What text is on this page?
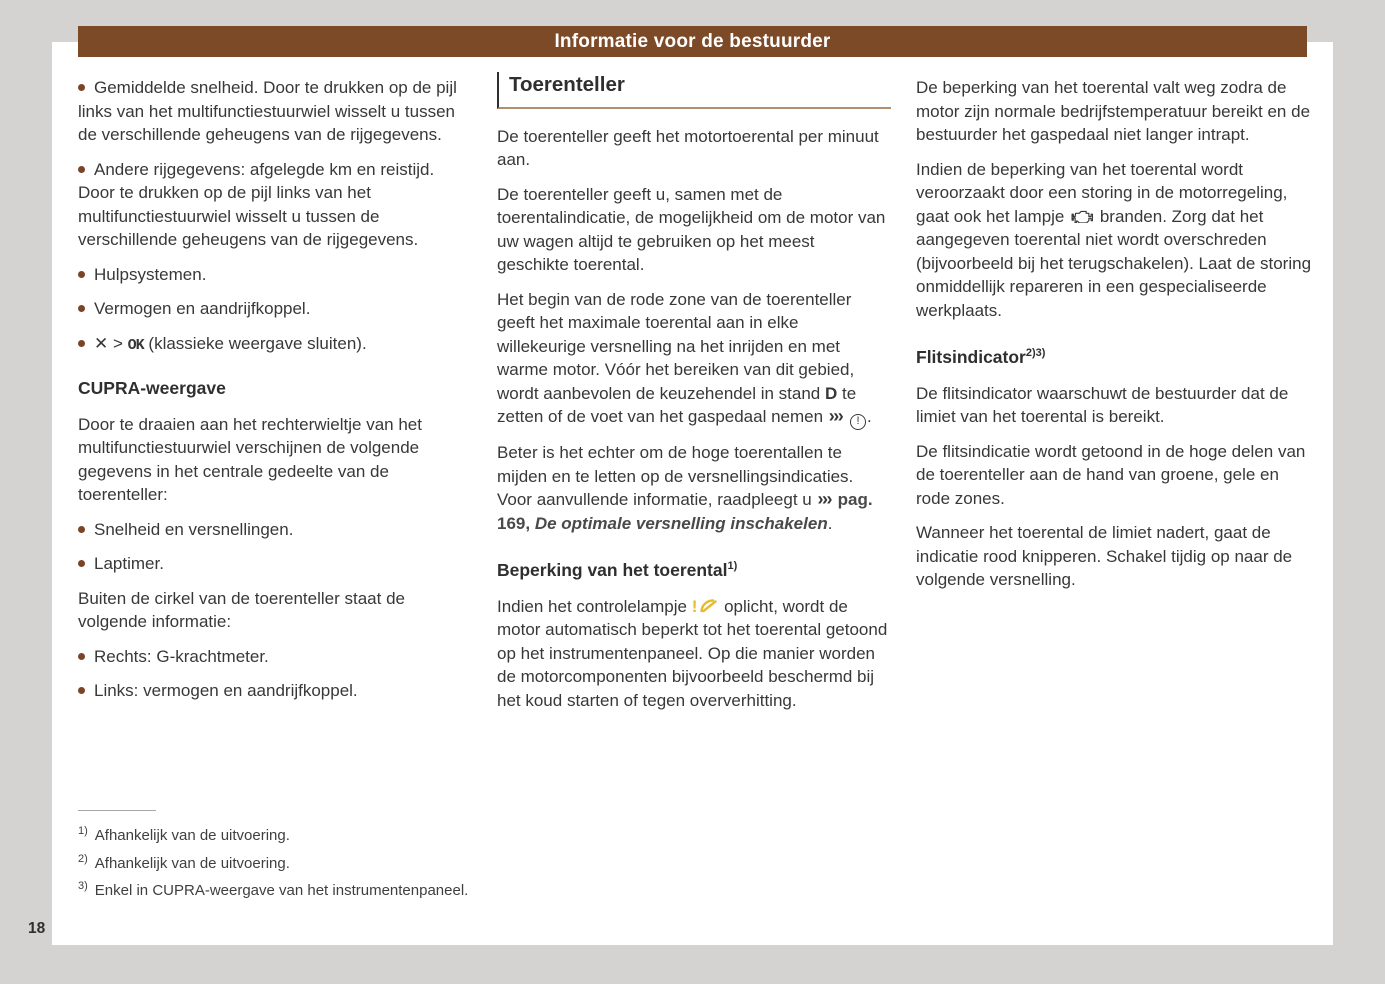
Informatie voor de bestuurder

Gemiddelde snelheid. Door te drukken op de pijl links van het multifunctiestuurwiel wisselt u tussen de verschillende geheugens van de rijgegevens.

Andere rijgegevens: afgelegde km en reistijd. Door te drukken op de pijl links van het multifunctiestuurwiel wisselt u tussen de verschillende geheugens van de rijgegevens.

Hulpsystemen.

Vermogen en aandrijfkoppel.

✕ > OK (klassieke weergave sluiten).

CUPRA-weergave

Door te draaien aan het rechterwieltje van het multifunctiestuurwiel verschijnen de volgende gegevens in het centrale gedeelte van de toerenteller:

Snelheid en versnellingen.

Laptimer.

Buiten de cirkel van de toerenteller staat de volgende informatie:

Rechts: G-krachtmeter.

Links: vermogen en aandrijfkoppel.

Toerenteller

De toerenteller geeft het motortoerental per minuut aan.

De toerenteller geeft u, samen met de toerentalindicatie, de mogelijkheid om de motor van uw wagen altijd te gebruiken op het meest geschikte toerental.

Het begin van de rode zone van de toerenteller geeft het maximale toerental aan in elke willekeurige versnelling na het inrijden en met warme motor. Vóór het bereiken van dit gebied, wordt aanbevolen de keuzehendel in stand D te zetten of de voet van het gaspedaal nemen ››› ! .

Beter is het echter om de hoge toerentallen te mijden en te letten op de versnellingsindicaties. Voor aanvullende informatie, raadpleegt u ››› pag. 169, De optimale versnelling inschakelen.

Beperking van het toerental$^{1)}$

Indien het controlelampje ! oplicht, wordt de motor automatisch beperkt tot het toerental getoond op het instrumentenpaneel. Op die manier worden de motorcomponenten bijvoorbeeld beschermd bij het koud starten of tegen oververhitting.

De beperking van het toerental valt weg zodra de motor zijn normale bedrijfstemperatuur bereikt en de bestuurder het gaspedaal niet langer intrapt.

Indien de beperking van het toerental wordt veroorzaakt door een storing in de motorregeling, gaat ook het lampje  branden. Zorg dat het aangegeven toerental niet wordt overschreden (bijvoorbeeld bij het terugschakelen). Laat de storing onmiddellijk repareren in een gespecialiseerde werkplaats.

Flitsindicator$^{2)3)}$

De flitsindicator waarschuwt de bestuurder dat de limiet van het toerental is bereikt.

De flitsindicatie wordt getoond in de hoge delen van de toerenteller aan de hand van groene, gele en rode zones.

Wanneer het toerental de limiet nadert, gaat de indicatie rood knipperen. Schakel tijdig op naar de volgende versnelling.

$^{1)}$ Afhankelijk van de uitvoering.
$^{2)}$ Afhankelijk van de uitvoering.
$^{3)}$ Enkel in CUPRA-weergave van het instrumentenpaneel.
18
